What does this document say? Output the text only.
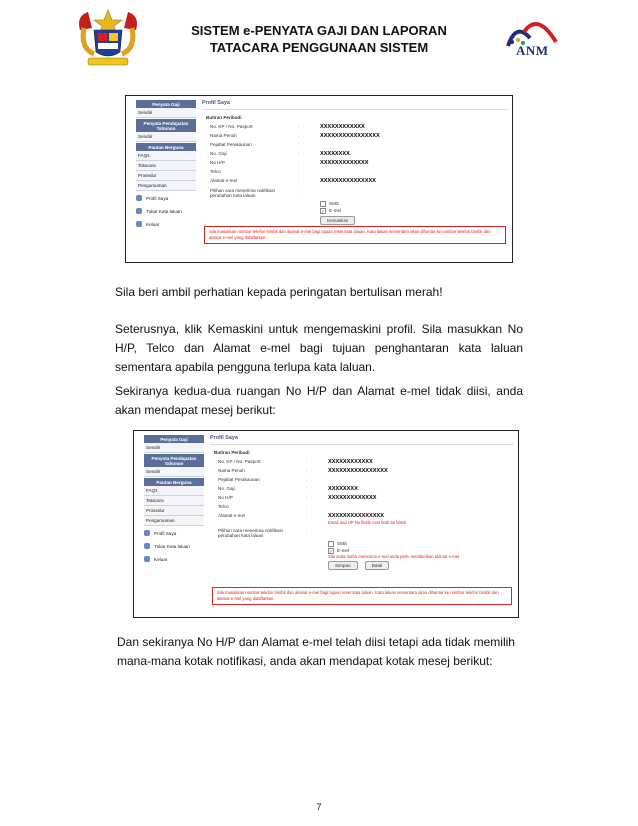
SISTEM e-PENYATA GAJI DAN LAPORAN
TATACARA PENGGUNAAN SISTEM	ANM
Penyata Gaji
Sendiri
Penyata Pendapatan Tahunan
Sendiri
Pautan Berguna
FAQs
Tatacara
Prosedur
Pengumuman
Profil Saya
Tukar Kata laluan
Keluar
Profil Saya
Butiran Peribadi
No. KP / No. Pasport	:	XXXXXXXXXXXX
Nama Penuh	:	XXXXXXXXXXXXXXXX
Pejabat Perakaunan	:
No. Gaji	:	XXXXXXXX
No H/P	:	XXXXXXXXXXXXX
Telco	:
Alamat e-mel	:	XXXXXXXXXXXXXXX
Pilihan cara menerima notifikasi perubahan kata laluan	:
SMS
✓ E-mel
Kemaskini
Sila masukkan nombor telefon bimbit dan alamat e-mel bagi tujuan reset kata laluan. Kata laluan sementara akan dihantar ke nombor telefon bimbit dan alamat e-mel yang didaftarkan.
Sila beri ambil perhatian kepada peringatan bertulisan merah!
Seterusnya, klik Kemaskini untuk mengemaskini profil. Sila masukkan No H/P, Telco dan Alamat e-mel bagi tujuan penghantaran kata laluan sementara apabila pengguna terlupa kata laluan.
Sekiranya kedua-dua ruangan No H/P dan Alamat e-mel tidak diisi, anda akan mendapat mesej berikut:
Penyata Gaji
Sendiri
Penyata Pendapatan Tahunan
Sendiri
Pautan Berguna
FAQs
Tatacara
Prosedur
Pengumuman
Profil Saya
Tukar Kata laluan
Keluar
Profil Saya
Butiran Peribadi
No. KP / No. Pasport	:	XXXXXXXXXXXX
Nama Penuh	:	XXXXXXXXXXXXXXXX
Pejabat Perakaunan	:
No. Gaji	:	XXXXXXXX
No H/P	:	XXXXXXXXXXXXX
Telco	:
Alamat e-mel	:	XXXXXXXXXXXXXXX
Email and HP No fields cant both be blank
Pilihan cara menerima notifikasi perubahan kata laluan	:
SMS
✓ E-mel
Sila anda mahu menerima e-mel anda perlu memberikan alamat e-mel
Simpan	Batal
Sila masukkan nombor telefon bimbit dan alamat e-mel bagi tujuan reset kata laluan. Kata laluan sementara akan dihantar ke nombor telefon bimbit dan alamat e-mel yang didaftarkan.
Dan sekiranya No H/P dan Alamat e-mel telah diisi tetapi ada tidak memilih mana-mana kotak notifikasi, anda akan mendapat kotak mesej berikut:
7
